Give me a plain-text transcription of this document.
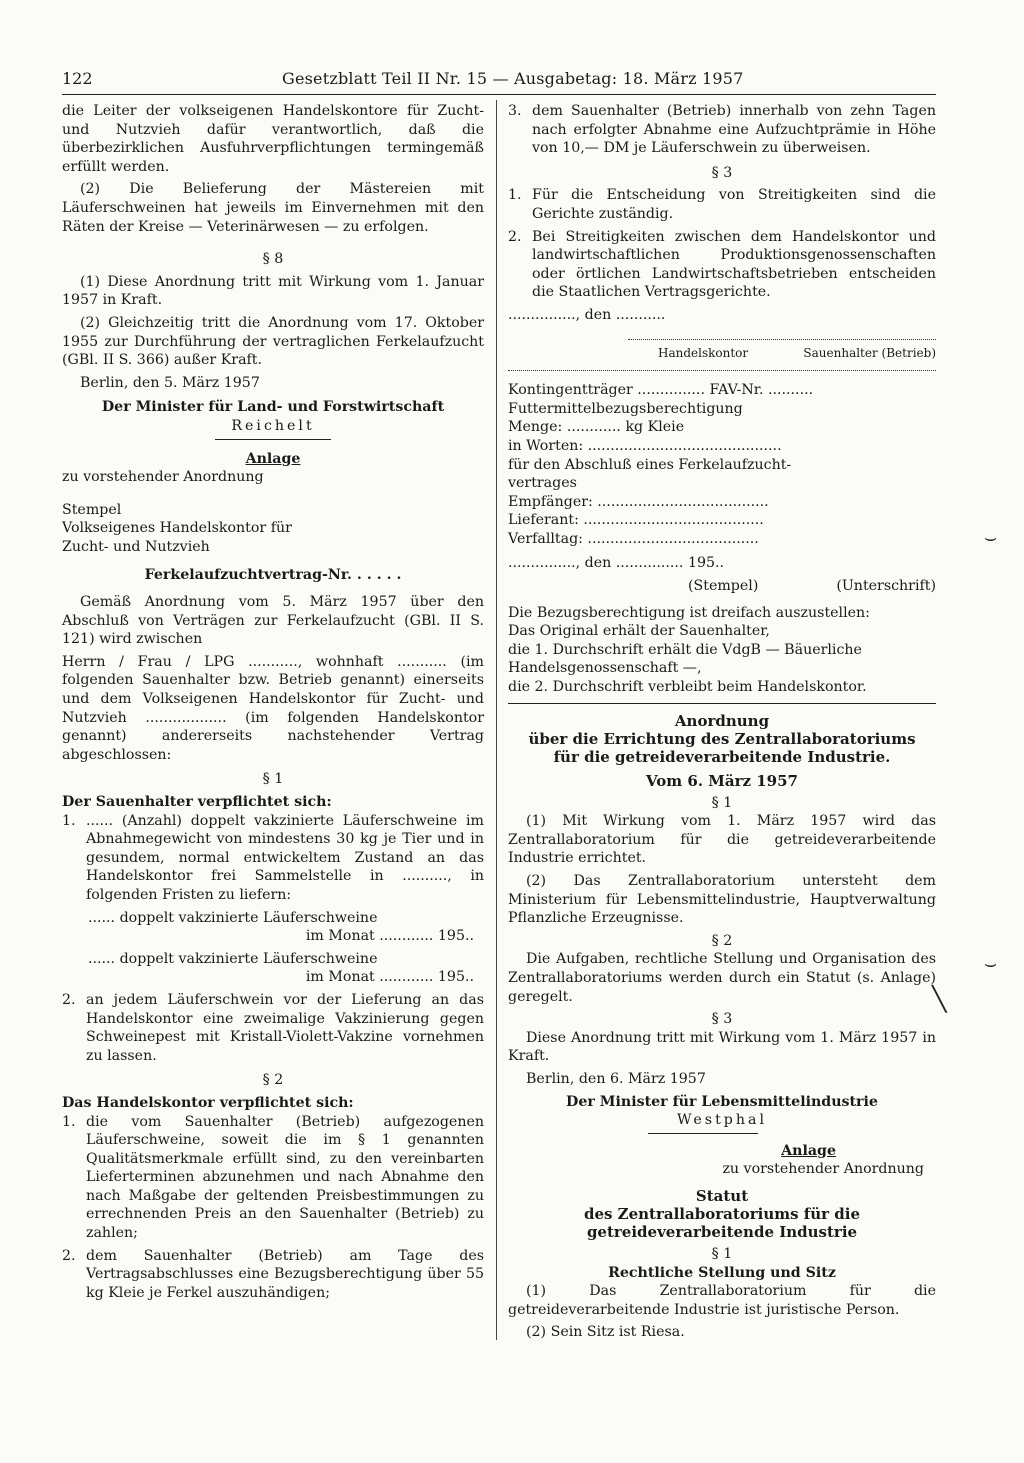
122	Gesetzblatt Teil II Nr. 15 — Ausgabetag: 18. März 1957

die Leiter der volkseigenen Handelskontore für Zucht- und Nutzvieh dafür verantwortlich, daß die überbezirklichen Ausfuhrverpflichtungen termingemäß erfüllt werden.

(2) Die Belieferung der Mästereien mit Läuferschweinen hat jeweils im Einvernehmen mit den Räten der Kreise — Veterinärwesen — zu erfolgen.

§ 8

(1) Diese Anordnung tritt mit Wirkung vom 1. Januar 1957 in Kraft.

(2) Gleichzeitig tritt die Anordnung vom 17. Oktober 1955 zur Durchführung der vertraglichen Ferkelaufzucht (GBl. II S. 366) außer Kraft.

Berlin, den 5. März 1957

Der Minister für Land- und Forstwirtschaft
Reichelt
Anlage
zu vorstehender Anordnung
Stempel
Volkseigenes Handelskontor für
Zucht- und Nutzvieh
Ferkelaufzuchtvertrag-Nr. . . . . .

Gemäß Anordnung vom 5. März 1957 über den Abschluß von Verträgen zur Ferkelaufzucht (GBl. II S. 121) wird zwischen

Herrn / Frau / LPG ..........., wohnhaft ........... (im folgenden Sauenhalter bzw. Betrieb genannt) einerseits und dem Volkseigenen Handelskontor für Zucht- und Nutzvieh .................. (im folgenden Handelskontor genannt) andererseits nachstehender Vertrag abgeschlossen:

§ 1
Der Sauenhalter verpflichtet sich:
1. ...... (Anzahl) doppelt vakzinierte Läuferschweine im Abnahmegewicht von mindestens 30 kg je Tier und in gesundem, normal entwickeltem Zustand an das Handelskontor frei Sammelstelle in .........., in folgenden Fristen zu liefern:
...... doppelt vakzinierte Läuferschweine
im Monat ............ 195..
...... doppelt vakzinierte Läuferschweine
im Monat ............ 195..
2. an jedem Läuferschwein vor der Lieferung an das Handelskontor eine zweimalige Vakzinierung gegen Schweinepest mit Kristall-Violett-Vakzine vornehmen zu lassen.
§ 2
Das Handelskontor verpflichtet sich:
1. die vom Sauenhalter (Betrieb) aufgezogenen Läuferschweine, soweit die im § 1 genannten Qualitätsmerkmale erfüllt sind, zu den vereinbarten Lieferterminen abzunehmen und nach Abnahme den nach Maßgabe der geltenden Preisbestimmungen zu errechnenden Preis an den Sauenhalter (Betrieb) zu zahlen;
2. dem Sauenhalter (Betrieb) am Tage des Vertragsabschlusses eine Bezugsberechtigung über 55 kg Kleie je Ferkel auszuhändigen;
3. dem Sauenhalter (Betrieb) innerhalb von zehn Tagen nach erfolgter Abnahme eine Aufzuchtprämie in Höhe von 10,— DM je Läuferschwein zu überweisen.
§ 3
1. Für die Entscheidung von Streitigkeiten sind die Gerichte zuständig.
2. Bei Streitigkeiten zwischen dem Handelskontor und landwirtschaftlichen Produktionsgenossenschaften oder örtlichen Landwirtschaftsbetrieben entscheiden die Staatlichen Vertragsgerichte.
..............., den ...........
Handelskontor	Sauenhalter (Betrieb)
Kontingentträger ............... FAV-Nr. ..........
Futtermittelbezugsberechtigung
Menge: ............ kg Kleie
in Worten: ...........................................
für den Abschluß eines Ferkelaufzucht-
vertrages
Empfänger: ......................................
Lieferant: ........................................
Verfalltag: ......................................
..............., den ............... 195..
(Stempel)	(Unterschrift)
Die Bezugsberechtigung ist dreifach auszustellen:
Das Original erhält der Sauenhalter,
die 1. Durchschrift erhält die VdgB — Bäuerliche Handelsgenossenschaft —,
die 2. Durchschrift verbleibt beim Handelskontor.
Anordnung
über die Errichtung des Zentrallaboratoriums
für die getreideverarbeitende Industrie.
Vom 6. März 1957
§ 1

(1) Mit Wirkung vom 1. März 1957 wird das Zentrallaboratorium für die getreideverarbeitende Industrie errichtet.

(2) Das Zentrallaboratorium untersteht dem Ministerium für Lebensmittelindustrie, Hauptverwaltung Pflanzliche Erzeugnisse.

§ 2

Die Aufgaben, rechtliche Stellung und Organisation des Zentrallaboratoriums werden durch ein Statut (s. Anlage) geregelt.

§ 3

Diese Anordnung tritt mit Wirkung vom 1. März 1957 in Kraft.

Berlin, den 6. März 1957

Der Minister für Lebensmittelindustrie
Westphal
Anlage
zu vorstehender Anordnung
Statut
des Zentrallaboratoriums für die
getreideverarbeitende Industrie
§ 1
Rechtliche Stellung und Sitz

(1) Das Zentrallaboratorium für die getreideverarbeitende Industrie ist juristische Person.

(2) Sein Sitz ist Riesa.

⌣
⌣
╲
